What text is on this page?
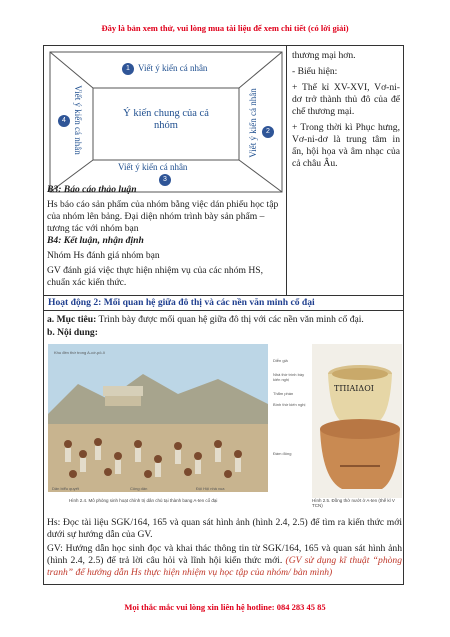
Đây là bản xem thử, vui lòng mua tài liệu để xem chi tiết (có lời giải)
1 Viết ý kiến cá nhân
Ý kiến chung của cả nhóm
3
Viết ý kiến cá nhân
4 Viết ý kiến cá nhân	2
Viết ý kiến cá nhân
B3: Báo cáo thảo luận
Hs báo cáo sản phẩm của nhóm bằng việc dán phiếu học tập của nhóm lên bảng. Đại diện nhóm trình bày sản phẩm – tương tác với nhóm bạn
B4: Kết luận, nhận định
Nhóm Hs đánh giá nhóm bạn
GV đánh giá việc thực hiện nhiệm vụ của các nhóm HS, chuẩn xác kiến thức.
thương mại hơn.
- Biểu hiện:
+ Thế kỉ XV-XVI, Vơ-ni-dơ trở thành thủ đô của để chế thương mại.
+ Trong thời kì Phục hưng, Vơ-ni-dơ là trung tâm in ấn, hội họa và âm nhạc của cả châu Âu.
Hoạt động 2: Mối quan hệ giữa đô thị và các nền văn minh cổ đại
a. Mục tiêu: Trình bày được mối quan hệ giữa đô thị với các nền văn minh cổ đại.
b. Nội dung:
Khu đền thờ trong A-cờ-pô-li
Dân biểu quyết	Công dân	Đội Hội nhà vua
Diễn giả
Nhà thờ trình bày kiến nghị
Thẩm phán
Bình thờ kiến nghị
Đám đông
Hình 2.4. Mô phỏng sinh hoạt chính trị dân chủ tại thành bang A-ten cổ đại
ΤΠΙΑΙΔΟΙ
Hình 2.5. Đồng thờ nướt ở A-ten (thế kỉ V TCN)
Hs: Đọc tài liệu SGK/164, 165 và quan sát hình ảnh (hình 2.4, 2.5) để tìm ra kiến thức mới dưới sự hướng dẫn của GV.
GV: Hướng dẫn học sinh đọc và khai thác thông tin từ SGK/164, 165 và quan sát hình ảnh (hình 2.4, 2.5) để trả lời câu hỏi và lĩnh hội kiến thức mới. (GV sử dụng kĩ thuật “phòng tranh” để hướng dẫn Hs thực hiện nhiệm vụ học tập của nhóm/ bàn mình)
Mọi thắc mắc vui lòng xin liên hệ hotline: 084 283 45 85
